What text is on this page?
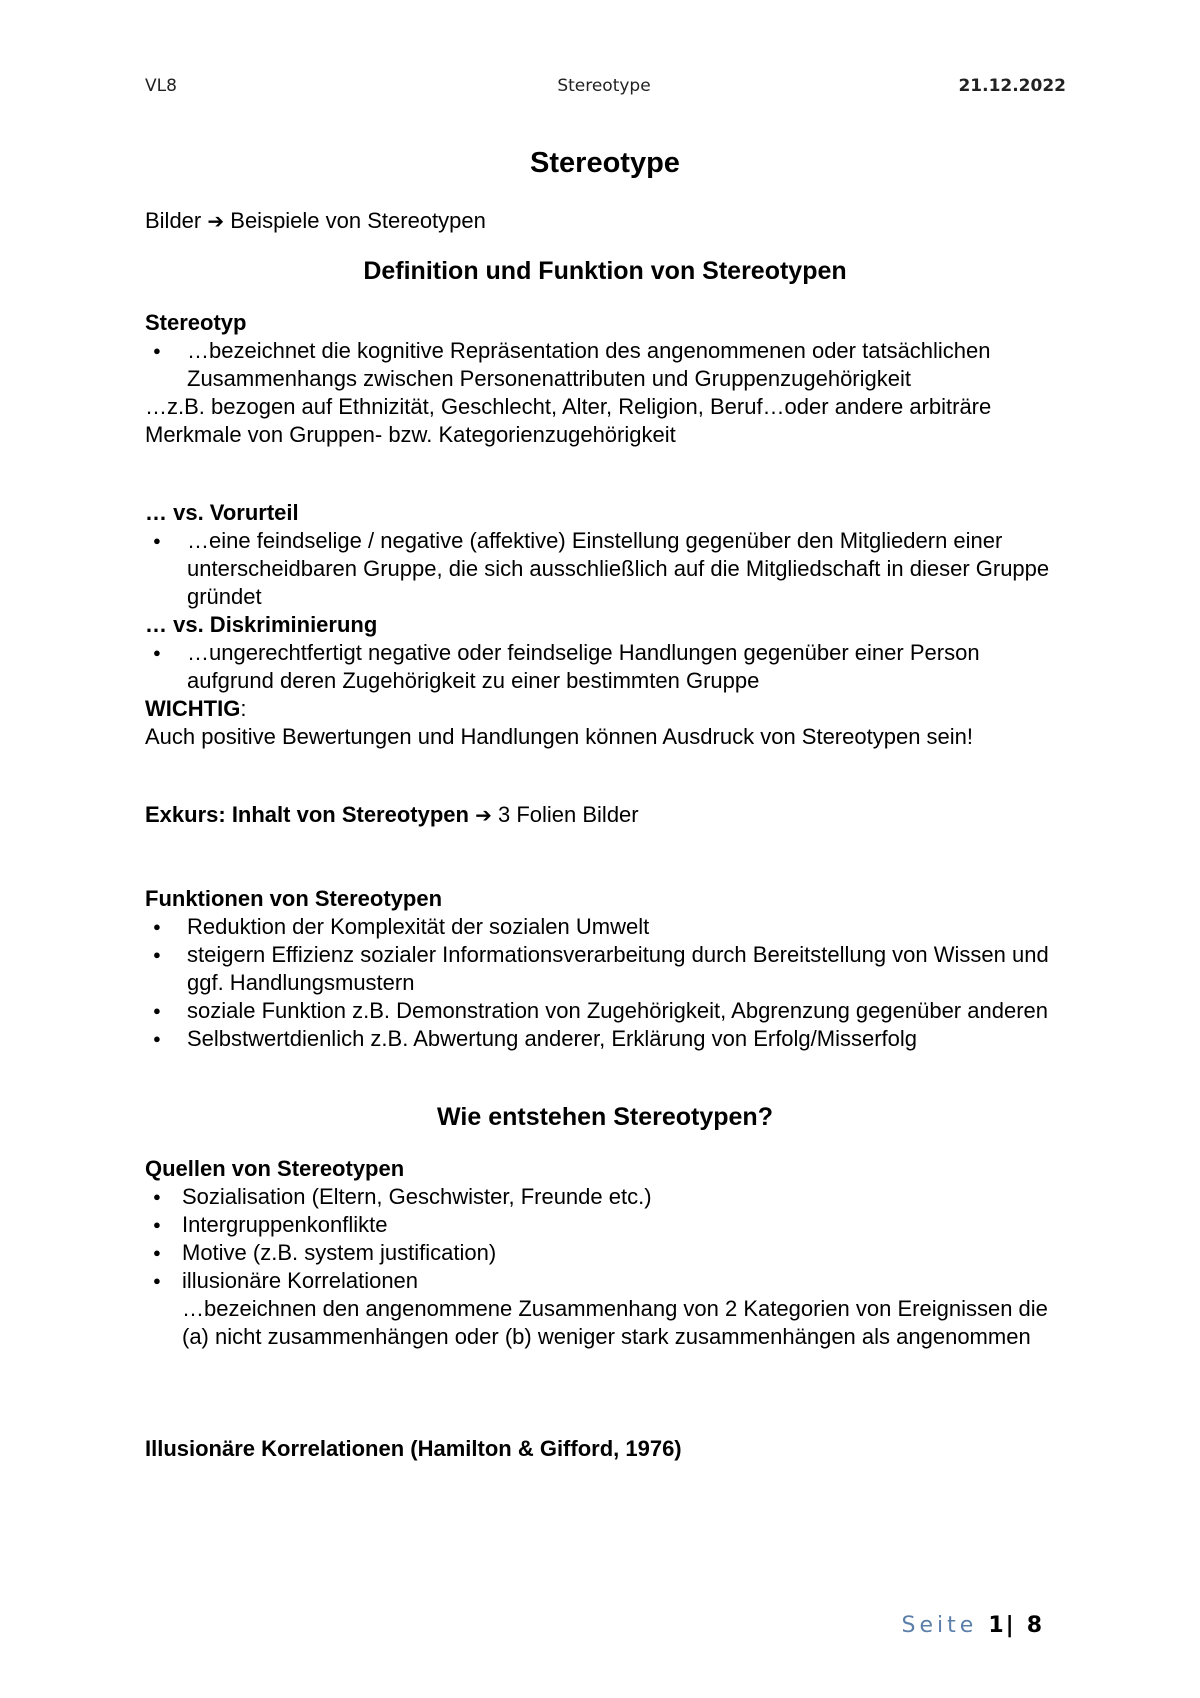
VL8	Stereotype	21.12.2022

Stereotype

Bilder ➔ Beispiele von Stereotypen

Definition und Funktion von Stereotypen

Stereotyp

● …bezeichnet die kognitive Repräsentation des angenommenen oder tatsächlichen Zusammenhangs zwischen Personenattributen und Gruppenzugehörigkeit

…z.B. bezogen auf Ethnizität, Geschlecht, Alter, Religion, Beruf…oder andere arbiträre Merkmale von Gruppen- bzw. Kategorienzugehörigkeit

… vs. Vorurteil

● …eine feindselige / negative (affektive) Einstellung gegenüber den Mitgliedern einer unterscheidbaren Gruppe, die sich ausschließlich auf die Mitgliedschaft in dieser Gruppe gründet

… vs. Diskriminierung

● …ungerechtfertigt negative oder feindselige Handlungen gegenüber einer Person aufgrund deren Zugehörigkeit zu einer bestimmten Gruppe

WICHTIG:

Auch positive Bewertungen und Handlungen können Ausdruck von Stereotypen sein!

Exkurs: Inhalt von Stereotypen ➔ 3 Folien Bilder

Funktionen von Stereotypen

● Reduktion der Komplexität der sozialen Umwelt
● steigern Effizienz sozialer Informationsverarbeitung durch Bereitstellung von Wissen und ggf. Handlungsmustern
● soziale Funktion z.B. Demonstration von Zugehörigkeit, Abgrenzung gegenüber anderen
● Selbstwertdienlich z.B. Abwertung anderer, Erklärung von Erfolg/Misserfolg

Wie entstehen Stereotypen?

Quellen von Stereotypen

● Sozialisation (Eltern, Geschwister, Freunde etc.)
● Intergruppenkonflikte
● Motive (z.B. system justification)
● illusionäre Korrelationen

…bezeichnen den angenommene Zusammenhang von 2 Kategorien von Ereignissen die (a) nicht zusammenhängen oder (b) weniger stark zusammenhängen als angenommen

Illusionäre Korrelationen (Hamilton & Gifford, 1976)

Seite 1| 8
